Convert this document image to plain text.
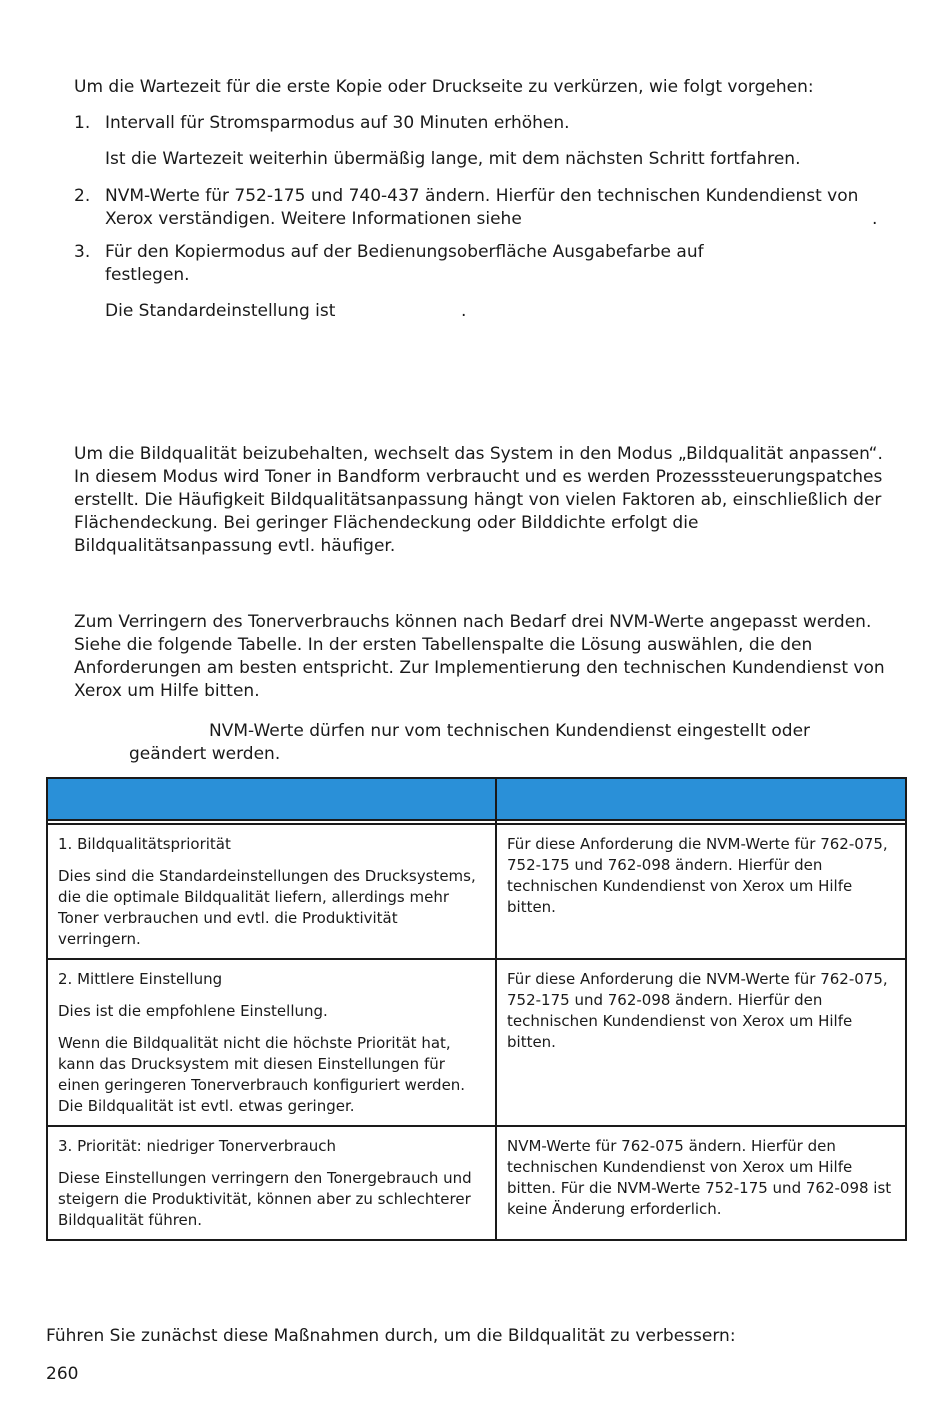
Um die Wartezeit für die erste Kopie oder Druckseite zu verkürzen, wie folgt vorgehen:

1. Intervall für Stromsparmodus auf 30 Minuten erhöhen.

Ist die Wartezeit weiterhin übermäßig lange, mit dem nächsten Schritt fortfahren.

2. NVM-Werte für 752-175 und 740-437 ändern. Hierfür den technischen Kundendienst von

Xerox verständigen. Weitere Informationen siehe	.
3. Für den Kopiermodus auf der Bedienungsoberfläche Ausgabefarbe auf

festlegen.

Die Standardeinstellung ist	.

Um die Bildqualität beizubehalten, wechselt das System in den Modus „Bildqualität anpassen“.

In diesem Modus wird Toner in Bandform verbraucht und es werden Prozesssteuerungspatches

erstellt. Die Häufigkeit Bildqualitätsanpassung hängt von vielen Faktoren ab, einschließlich der

Flächendeckung. Bei geringer Flächendeckung oder Bilddichte erfolgt die

Bildqualitätsanpassung evtl. häufiger.

Zum Verringern des Tonerverbrauchs können nach Bedarf drei NVM-Werte angepasst werden.

Siehe die folgende Tabelle. In der ersten Tabellenspalte die Lösung auswählen, die den

Anforderungen am besten entspricht. Zur Implementierung den technischen Kundendienst von

Xerox um Hilfe bitten.

NVM-Werte dürfen nur vom technischen Kundendienst eingestellt oder

geändert werden.

1. Bildqualitätspriorität

Dies sind die Standardeinstellungen des Drucksystems, die die optimale Bildqualität liefern, allerdings mehr Toner verbrauchen und evtl. die Produktivität verringern.	Für diese Anforderung die NVM-Werte für 762-075, 752-175 und 762-098 ändern. Hierfür den technischen Kundendienst von Xerox um Hilfe bitten.

2. Mittlere Einstellung

Dies ist die empfohlene Einstellung.

Wenn die Bildqualität nicht die höchste Priorität hat, kann das Drucksystem mit diesen Einstellungen für einen geringeren Tonerverbrauch konfiguriert werden. Die Bildqualität ist evtl. etwas geringer.	Für diese Anforderung die NVM-Werte für 762-075, 752-175 und 762-098 ändern. Hierfür den technischen Kundendienst von Xerox um Hilfe bitten.

3. Priorität: niedriger Tonerverbrauch

Diese Einstellungen verringern den Tonergebrauch und steigern die Produktivität, können aber zu schlechterer Bildqualität führen.	NVM-Werte für 762-075 ändern. Hierfür den technischen Kundendienst von Xerox um Hilfe bitten. Für die NVM-Werte 752-175 und 762-098 ist keine Änderung erforderlich.

Führen Sie zunächst diese Maßnahmen durch, um die Bildqualität zu verbessern:

260
